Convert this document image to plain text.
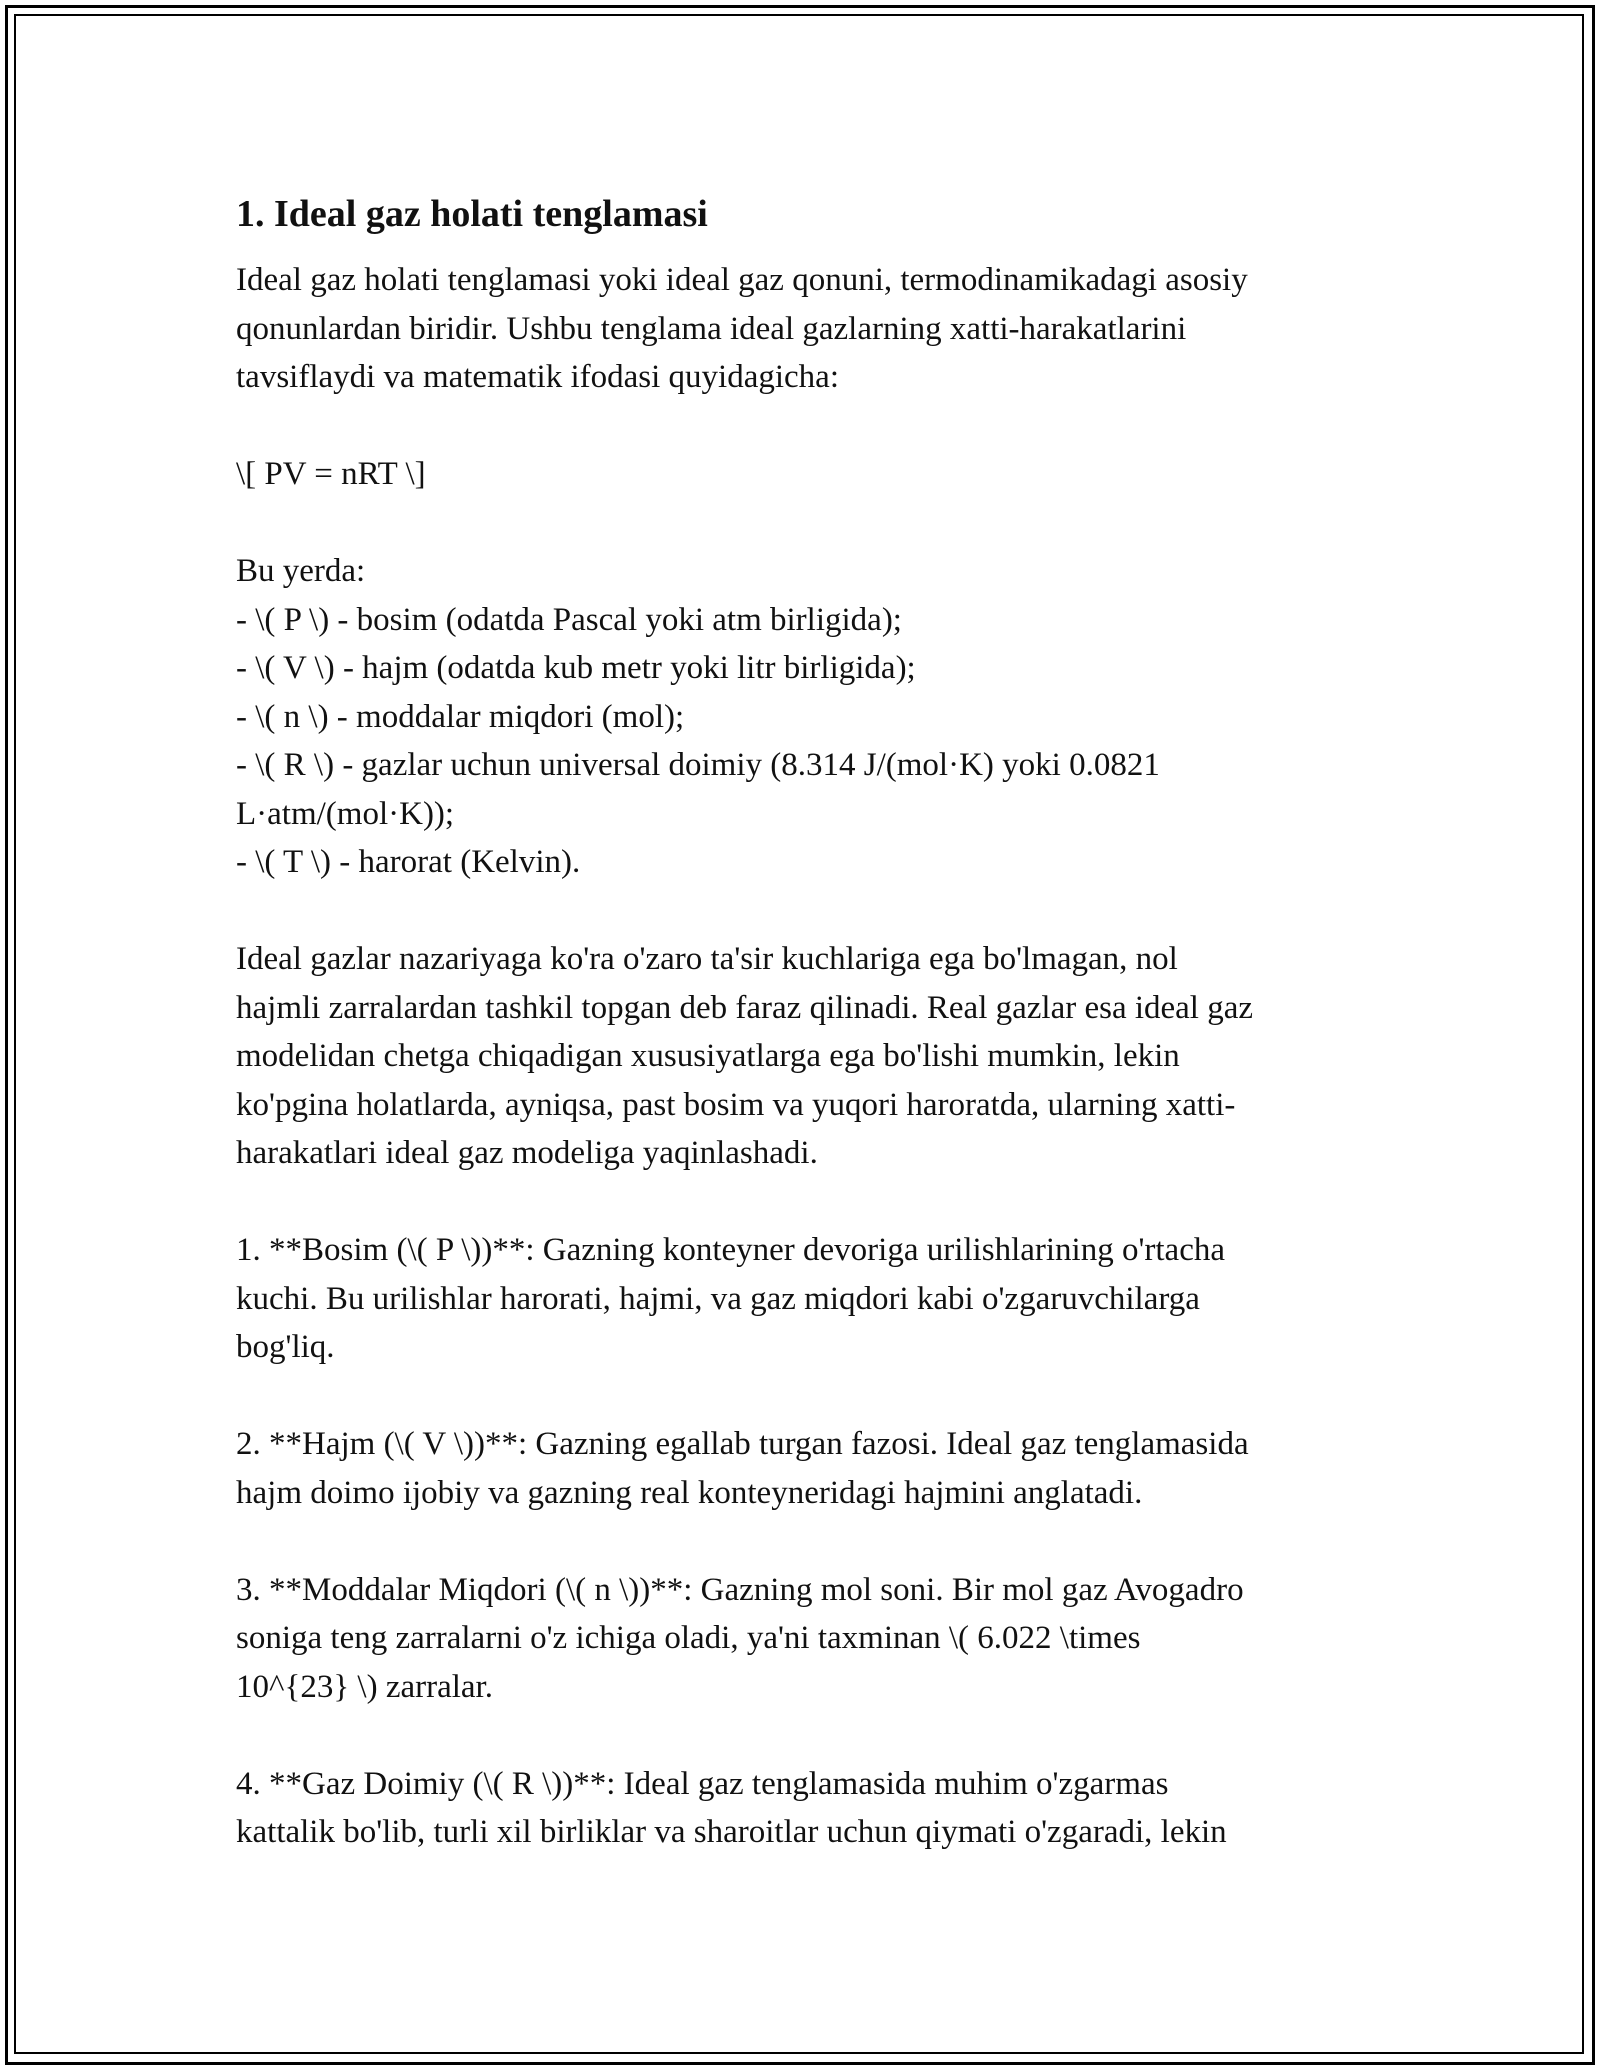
1. Ideal gaz holati tenglamasi
Ideal gaz holati tenglamasi yoki ideal gaz qonuni, termodinamikadagi asosiy
qonunlardan biridir. Ushbu tenglama ideal gazlarning xatti-harakatlarini
tavsiflaydi va matematik ifodasi quyidagicha:
\[ PV = nRT \]
Bu yerda:
- \( P \) - bosim (odatda Pascal yoki atm birligida);
- \( V \) - hajm (odatda kub metr yoki litr birligida);
- \( n \) - moddalar miqdori (mol);
- \( R \) - gazlar uchun universal doimiy (8.314 J/(mol·K) yoki 0.0821
L·atm/(mol·K));
- \( T \) - harorat (Kelvin).
Ideal gazlar nazariyaga ko'ra o'zaro ta'sir kuchlariga ega bo'lmagan, nol
hajmli zarralardan tashkil topgan deb faraz qilinadi. Real gazlar esa ideal gaz
modelidan chetga chiqadigan xususiyatlarga ega bo'lishi mumkin, lekin
ko'pgina holatlarda, ayniqsa, past bosim va yuqori haroratda, ularning xatti-
harakatlari ideal gaz modeliga yaqinlashadi.
1. **Bosim (\( P \))**: Gazning konteyner devoriga urilishlarining o'rtacha
kuchi. Bu urilishlar harorati, hajmi, va gaz miqdori kabi o'zgaruvchilarga
bog'liq.
2. **Hajm (\( V \))**: Gazning egallab turgan fazosi. Ideal gaz tenglamasida
hajm doimo ijobiy va gazning real konteyneridagi hajmini anglatadi.
3. **Moddalar Miqdori (\( n \))**: Gazning mol soni. Bir mol gaz Avogadro
soniga teng zarralarni o'z ichiga oladi, ya'ni taxminan \( 6.022 \times
10^{23} \) zarralar.
4. **Gaz Doimiy (\( R \))**: Ideal gaz tenglamasida muhim o'zgarmas
kattalik bo'lib, turli xil birliklar va sharoitlar uchun qiymati o'zgaradi, lekin
